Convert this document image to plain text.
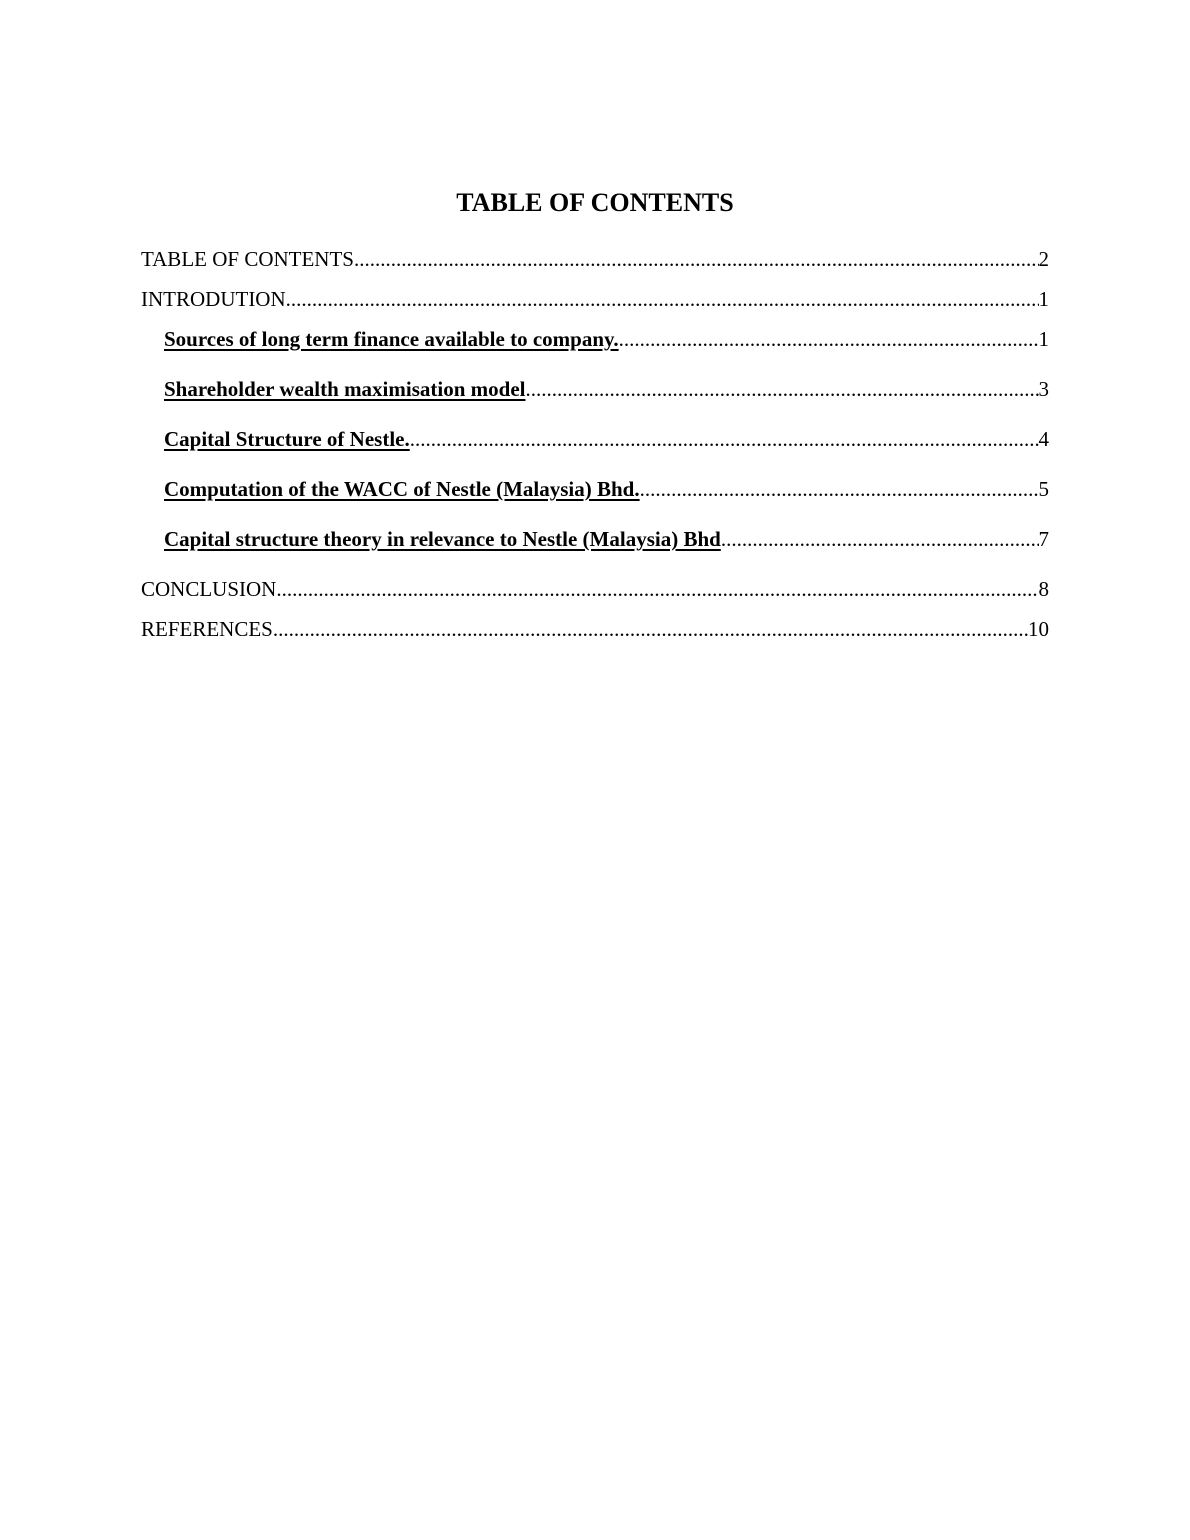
TABLE OF CONTENTS
TABLE OF CONTENTS .....	2
INTRODUTION .....	1
Sources of long term finance available to company. .....	1
Shareholder wealth maximisation model .....	3
Capital Structure of Nestle. .....	4
Computation of the WACC of Nestle (Malaysia) Bhd. .....	5
Capital structure theory in relevance to Nestle (Malaysia) Bhd .....	7
CONCLUSION .....	8
REFERENCES .....	10
